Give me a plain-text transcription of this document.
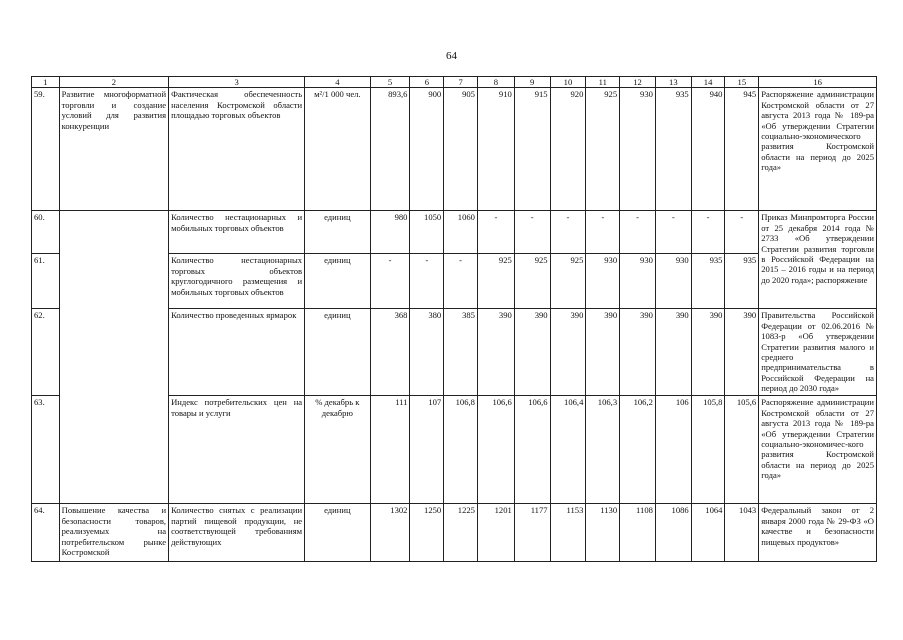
64
1	2	3	4	5	6	7	8	9	10	11	12	13	14	15	16
59.	Развитие многоформатной торговли и создание условий для развития конкуренции	Фактическая обеспеченность населения Костромской области площадью торговых объектов	м²/1 000 чел.	893,6	900	905	910	915	920	925	930	935	940	945	Распоряжение администрации Костромской области от 27 августа 2013 года № 189-ра «Об утверждении Стратегии социально-экономического развития Костромской области на период до 2025 года»
60.		Количество нестационарных и мобильных торговых объектов	единиц	980	1050	1060	-	-	-	-	-	-	-	-	Приказ Минпромторга России от 25 декабря 2014 года № 2733 «Об утверждении Стратегии развития торговли в Российской Федерации на 2015 – 2016 годы и на период до 2020 года»; распоряжение
61.		Количество нестационарных торговых объектов круглогодичного размещения и мобильных торговых объектов	единиц	-	-	-	925	925	925	930	930	930	935	935	
62.		Количество проведенных ярмарок	единиц	368	380	385	390	390	390	390	390	390	390	390	Правительства Российской Федерации от 02.06.2016 № 1083-р «Об утверждении Стратегии развития малого и среднего предпринимательства в Российской Федерации на период до 2030 года»
63.		Индекс потребительских цен на товары и услуги	% декабрь к декабрю	111	107	106,8	106,6	106,6	106,4	106,3	106,2	106	105,8	105,6	Распоряжение администрации Костромской области от 27 августа 2013 года № 189-ра «Об утверждении Стратегии социально-экономичес-кого развития Костромской области на период до 2025 года»
64.	Повышение качества и безопасности товаров, реализуемых на потребительском рынке Костромской	Количество снятых с реализации партий пищевой продукции, не соответствующей требованиям действующих	единиц	1302	1250	1225	1201	1177	1153	1130	1108	1086	1064	1043	Федеральный закон от 2 января 2000 года № 29-ФЗ «О качестве и безопасности пищевых продуктов»
